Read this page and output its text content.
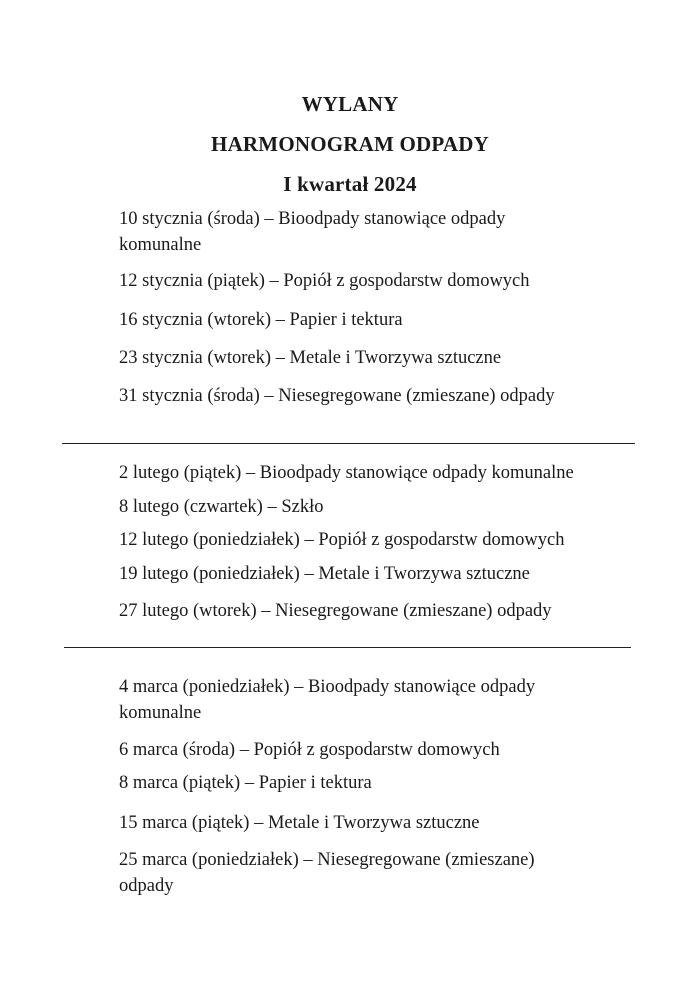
WYLANY
HARMONOGRAM ODPADY
I kwartał 2024
10 stycznia (środa) – Bioodpady stanowiące odpady
komunalne
12 stycznia (piątek) – Popiół z gospodarstw domowych
16 stycznia (wtorek) – Papier i tektura
23 stycznia (wtorek) – Metale i Tworzywa sztuczne
31 stycznia (środa) – Niesegregowane (zmieszane) odpady
2 lutego (piątek) – Bioodpady stanowiące odpady komunalne
8 lutego (czwartek) – Szkło
12 lutego (poniedziałek) – Popiół z gospodarstw domowych
19 lutego (poniedziałek) – Metale i Tworzywa sztuczne
27 lutego (wtorek) – Niesegregowane (zmieszane) odpady
4 marca (poniedziałek) – Bioodpady stanowiące odpady
komunalne
6 marca (środa) – Popiół z gospodarstw domowych
8 marca (piątek) – Papier i tektura
15 marca (piątek) – Metale i Tworzywa sztuczne
25 marca (poniedziałek) – Niesegregowane (zmieszane)
odpady
